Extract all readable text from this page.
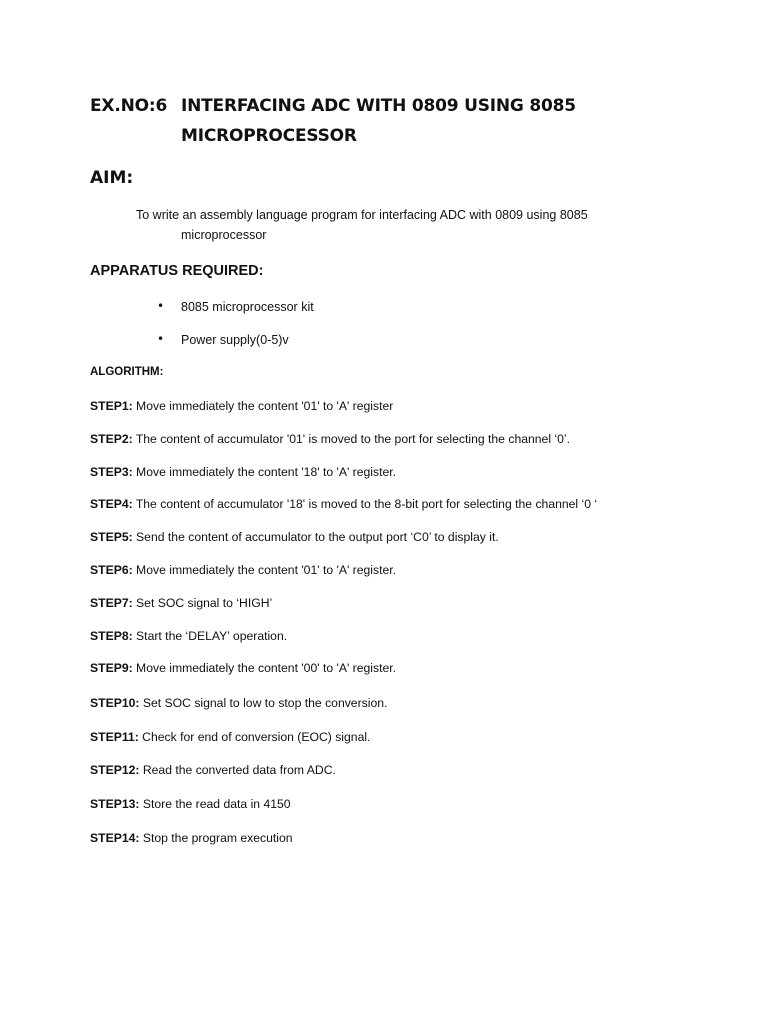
EX.NO:6 INTERFACING ADC WITH 0809 USING 8085
MICROPROCESSOR
AIM:
To write an assembly language program for interfacing ADC with 0809 using 8085
microprocessor
APPARATUS REQUIRED:
• 8085 microprocessor kit
• Power supply(0-5)v
ALGORITHM:
STEP1: Move immediately the content '01' to 'A' register
STEP2: The content of accumulator '01' is moved to the port for selecting the channel ‘0’.
STEP3: Move immediately the content '18' to 'A' register.
STEP4: The content of accumulator '18' is moved to the 8-bit port for selecting the channel ‘0 ‘
STEP5: Send the content of accumulator to the output port ‘C0’ to display it.
STEP6: Move immediately the content '01' to 'A' register.
STEP7: Set SOC signal to ‘HIGH’
STEP8: Start the ‘DELAY’ operation.
STEP9: Move immediately the content '00' to 'A' register.
STEP10: Set SOC signal to low to stop the conversion.
STEP11: Check for end of conversion (EOC) signal.
STEP12: Read the converted data from ADC.
STEP13: Store the read data in 4150
STEP14: Stop the program execution
